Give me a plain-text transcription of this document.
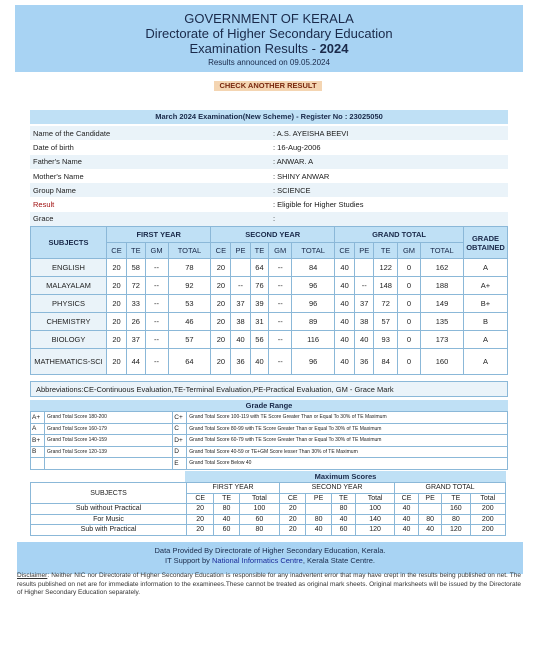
GOVERNMENT OF KERALA
Directorate of Higher Secondary Education
Examination Results - 2024
Results announced on 09.05.2024
CHECK ANOTHER RESULT
March 2024 Examination(New Scheme) - Register No : 23025050
Name of the Candidate	: A.S. AYEISHA BEEVI
Date of birth	: 16-Aug-2006
Father's Name	: ANWAR. A
Mother's Name	: SHINY ANWAR
Group Name	: SCIENCE
Result	: Eligible for Higher Studies
Grace	:
SUBJECTS	FIRST YEAR				SECOND YEAR					GRAND TOTAL					GRADE OBTAINED
	CE	TE	GM	TOTAL	CE	PE	TE	GM	TOTAL	CE	PE	TE	GM	TOTAL	
ENGLISH	20	58	--	78	20		64	--	84	40		122	0	162	A
MALAYALAM	20	72	--	92	20	--	76	--	96	40	--	148	0	188	A+
PHYSICS	20	33	--	53	20	37	39	--	96	40	37	72	0	149	B+
CHEMISTRY	20	26	--	46	20	38	31	--	89	40	38	57	0	135	B
BIOLOGY	20	37	--	57	20	40	56	--	116	40	40	93	0	173	A
MATHEMATICS-SCI	20	44	--	64	20	36	40	--	96	40	36	84	0	160	A
Abbreviations:CE-Continuous Evaluation,TE-Terminal Evaluation,PE-Practical Evaluation, GM - Grace Mark
Grade Range
A+	Grand Total Score 180-200	C+	Grand Total Score 100-119 with TE Score Greater Than or Equal To 30% of TE Maximum
A	Grand Total Score 160-179	C	Grand Total Score 80-99 with TE Score Greater Than or Equal To 30% of TE Maximum
B+	Grand Total Score 140-159	D+	Grand Total Score 60-79 with TE Score Greater Than or Equal To 30% of TE Maximum
B	Grand Total Score 120-139	D	Grand Total Score 40-59 or TE+GM Score lesser Than 30% of TE Maximum
		E	Grand Total Score Below 40
Maximum Scores
SUBJECTS	FIRST YEAR			SECOND YEAR				GRAND TOTAL			
	CE	TE	Total	CE	PE	TE	Total	CE	PE	TE	Total
Sub without Practical	20	80	100	20		80	100	40		160	200
For Music	20	40	60	20	80	40	140	40	80	80	200
Sub with Practical	20	60	80	20	40	60	120	40	40	120	200
Data Provided By Directorate of Higher Secondary Education, Kerala.
IT Support by National Informatics Centre, Kerala State Centre.
Disclaimer: Neither NIC nor Directorate of Higher Secondary Education is responsible for any inadvertent error that may have crept in the results being published on net. The results published on net are for immediate information to the examinees.These cannot be treated as original mark sheets. Original marksheets will be issued by the Directorate of Higher Secondary Education separately.
